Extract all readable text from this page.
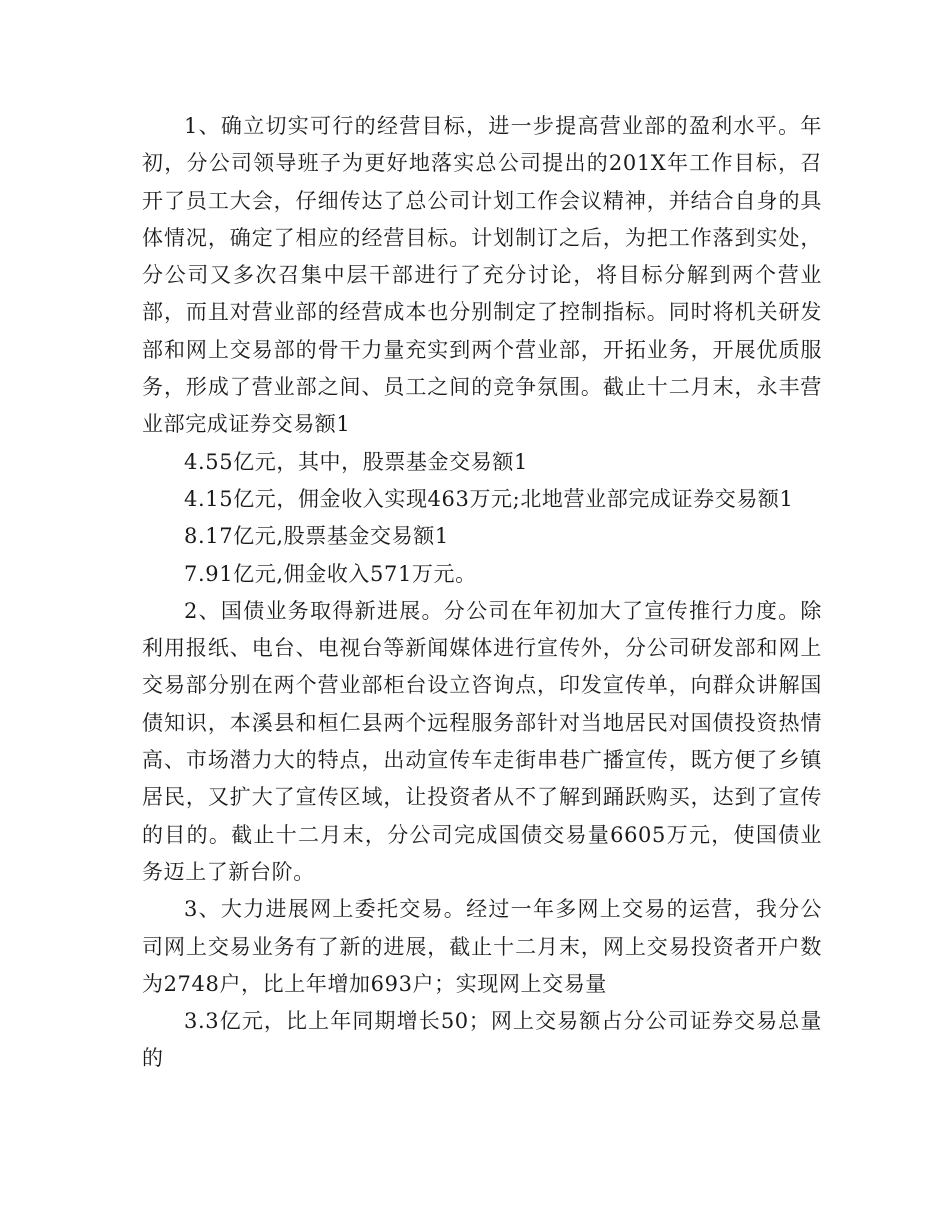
1、确立切实可行的经营目标，进一步提高营业部的盈利水平。年初，分公司领导班子为更好地落实总公司提出的201X年工作目标，召开了员工大会，仔细传达了总公司计划工作会议精神，并结合自身的具体情况，确定了相应的经营目标。计划制订之后，为把工作落到实处，分公司又多次召集中层干部进行了充分讨论，将目标分解到两个营业部，而且对营业部的经营成本也分别制定了控制指标。同时将机关研发部和网上交易部的骨干力量充实到两个营业部，开拓业务，开展优质服务，形成了营业部之间、员工之间的竞争氛围。截止十二月末，永丰营业部完成证券交易额1

4.55亿元，其中，股票基金交易额1

4.15亿元，佣金收入实现463万元;北地营业部完成证券交易额1

8.17亿元,股票基金交易额1

7.91亿元,佣金收入571万元。

2、国债业务取得新进展。分公司在年初加大了宣传推行力度。除利用报纸、电台、电视台等新闻媒体进行宣传外，分公司研发部和网上交易部分别在两个营业部柜台设立咨询点，印发宣传单，向群众讲解国债知识，本溪县和桓仁县两个远程服务部针对当地居民对国债投资热情高、市场潜力大的特点，出动宣传车走街串巷广播宣传，既方便了乡镇居民，又扩大了宣传区域，让投资者从不了解到踊跃购买，达到了宣传的目的。截止十二月末，分公司完成国债交易量6605万元，使国债业务迈上了新台阶。

3、大力进展网上委托交易。经过一年多网上交易的运营，我分公司网上交易业务有了新的进展，截止十二月末，网上交易投资者开户数为2748户，比上年增加693户；实现网上交易量

3.3亿元，比上年同期增长50；网上交易额占分公司证券交易总量的
